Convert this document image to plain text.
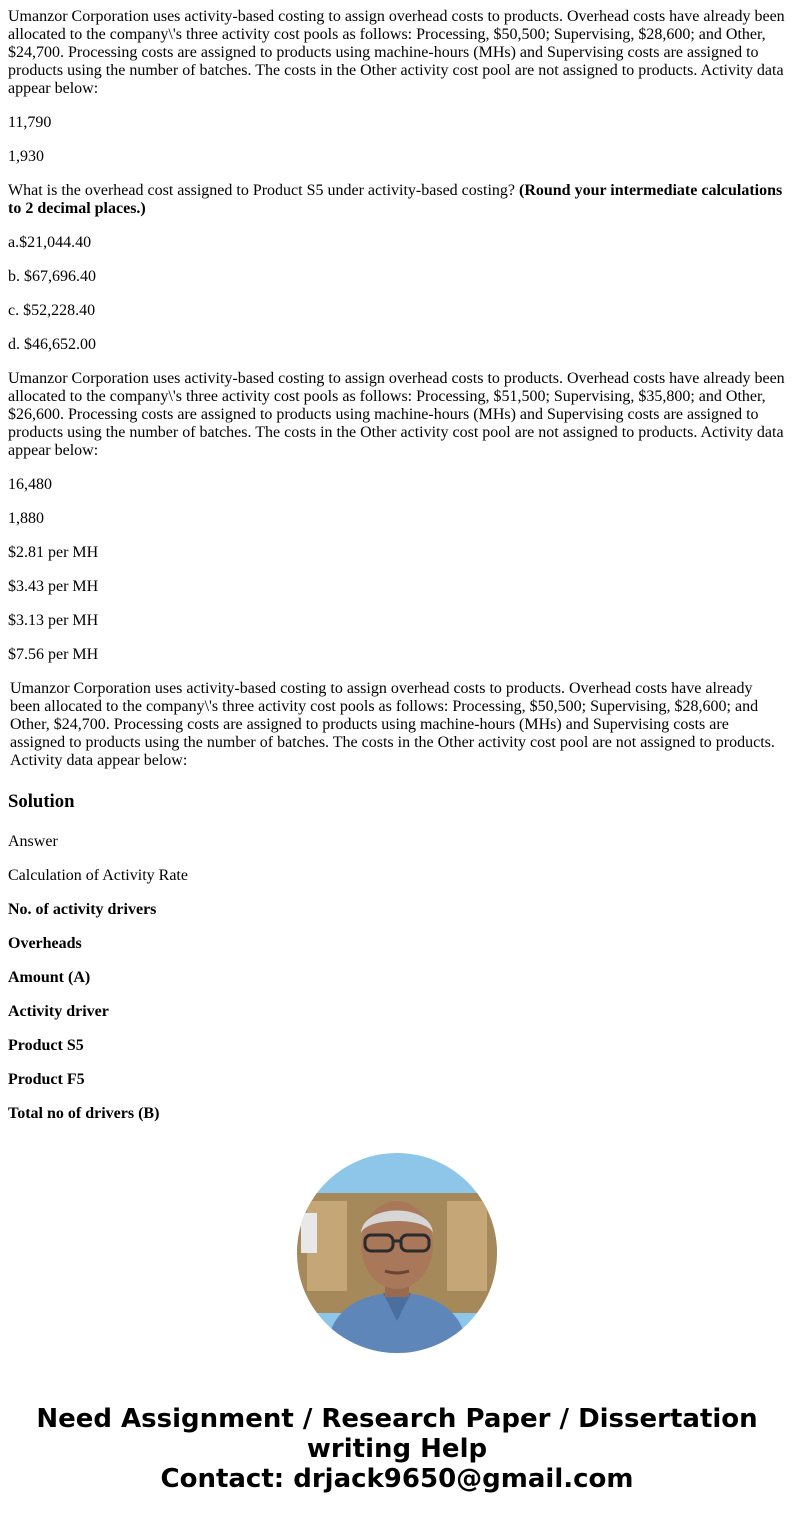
Umanzor Corporation uses activity-based costing to assign overhead costs to products. Overhead costs have already been allocated to the company\'s three activity cost pools as follows: Processing, $50,500; Supervising, $28,600; and Other, $24,700. Processing costs are assigned to products using machine-hours (MHs) and Supervising costs are assigned to products using the number of batches. The costs in the Other activity cost pool are not assigned to products. Activity data appear below:

11,790

1,930

What is the overhead cost assigned to Product S5 under activity-based costing? (Round your intermediate calculations to 2 decimal places.)

a.$21,044.40

b. $67,696.40

c. $52,228.40

d. $46,652.00

Umanzor Corporation uses activity-based costing to assign overhead costs to products. Overhead costs have already been allocated to the company\'s three activity cost pools as follows: Processing, $51,500; Supervising, $35,800; and Other, $26,600. Processing costs are assigned to products using machine-hours (MHs) and Supervising costs are assigned to products using the number of batches. The costs in the Other activity cost pool are not assigned to products. Activity data appear below:

16,480

1,880

$2.81 per MH

$3.43 per MH

$3.13 per MH

$7.56 per MH

Umanzor Corporation uses activity-based costing to assign overhead costs to products. Overhead costs have already been allocated to the company\'s three activity cost pools as follows: Processing, $50,500; Supervising, $28,600; and Other, $24,700. Processing costs are assigned to products using machine-hours (MHs) and Supervising costs are assigned to products using the number of batches. The costs in the Other activity cost pool are not assigned to products. Activity data appear below:

Solution

Answer

Calculation of Activity Rate

No. of activity drivers

Overheads

Amount (A)

Activity driver

Product S5

Product F5

Total no of drivers (B)

Need Assignment / Research Paper / Dissertation
writing Help
Contact: drjack9650@gmail.com
